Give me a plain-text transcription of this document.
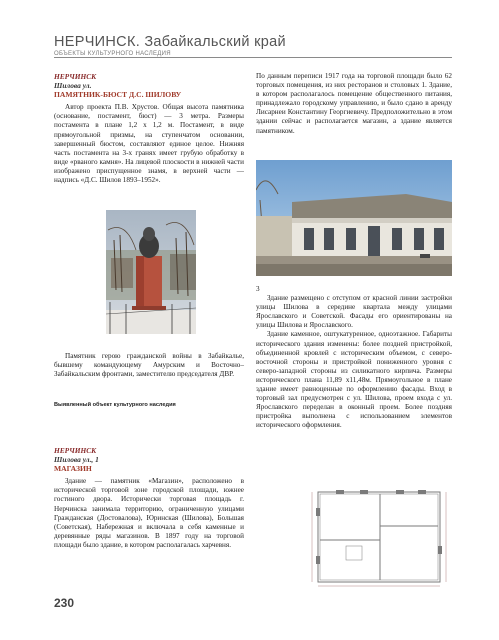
НЕРЧИНСК. Забайкальский край
ОБЪЕКТЫ КУЛЬТУРНОГО НАСЛЕДИЯ
НЕРЧИНСК
Шилова ул.
ПАМЯТНИК-БЮСТ Д.С. ШИЛОВУ

Автор проекта П.В. Хрустов. Общая высота памятника (основание, постамент, бюст) — 3 метра. Размеры постамента в плане 1,2 х 1,2 м. Постамент, в виде прямоугольной призмы, на ступенчатом основании, завершенный бюстом, составляют единое целое. Нижняя часть постамента на 3-х гранях имеет грубую обработку в виде «рваного камня». На лицевой плоскости в нижней части изображено приспущенное знамя, в верхней части — надпись «Д.С. Шилов 1893–1952».

Памятник герою гражданской войны в Забайкалье, бывшему командующему Амурским и Восточно–Забайкальским фронтами, заместителю председателя ДВР.

Выявленный объект культурного наследия
НЕРЧИНСК
Шилова ул., 1
МАГАЗИН

Здание — памятник «Магазин», расположено в исторической торговой зоне городской площади, южнее гостиного двора. Исторически торговая площадь г. Нерчинска занимала территорию, ограниченную улицами Гражданская (Достовалова), Юринская (Шилова), Большая (Советская), Набережная и включала в себя каменные и деревянные ряды магазинов. В 1897 году на торговой площади было здание, в котором располагалась харчевня.

230

По данным переписи 1917 года на торговой площади было 62 торговых помещения, из них ресторанов и столовых 1. Здание, в котором располагалось помещение общественного питания, принадлежало городскому управлению, и было сдано в аренду Лисарнеи Константину Георгиевичу. Предположительно в этом здании сейчас и располагается магазин, а здание является памятником.

3

Здание размещено с отступом от красной линии застройки улицы Шилова в середине квартала между улицами Ярославского и Советской. Фасады его ориентированы на улицы Шилова и Ярославского.

Здание каменное, оштукатуренное, одноэтажное. Габариты исторического здания изменены: более поздней пристройкой, объединенной кровлей с историческим объемом, с северо-восточной стороны и пристройкой пониженного уровня с северо-западной стороны из силикатного кирпича. Размеры исторического плана 11,89 х11,48м. Прямоугольное в плане здание имеет равноценные по оформлению фасады. Вход в торговый зал предусмотрен с ул. Шилова, проем входа с ул. Ярославского переделан в оконный проем. Более поздняя пристройка выполнена с использованием элементов исторического оформления.
